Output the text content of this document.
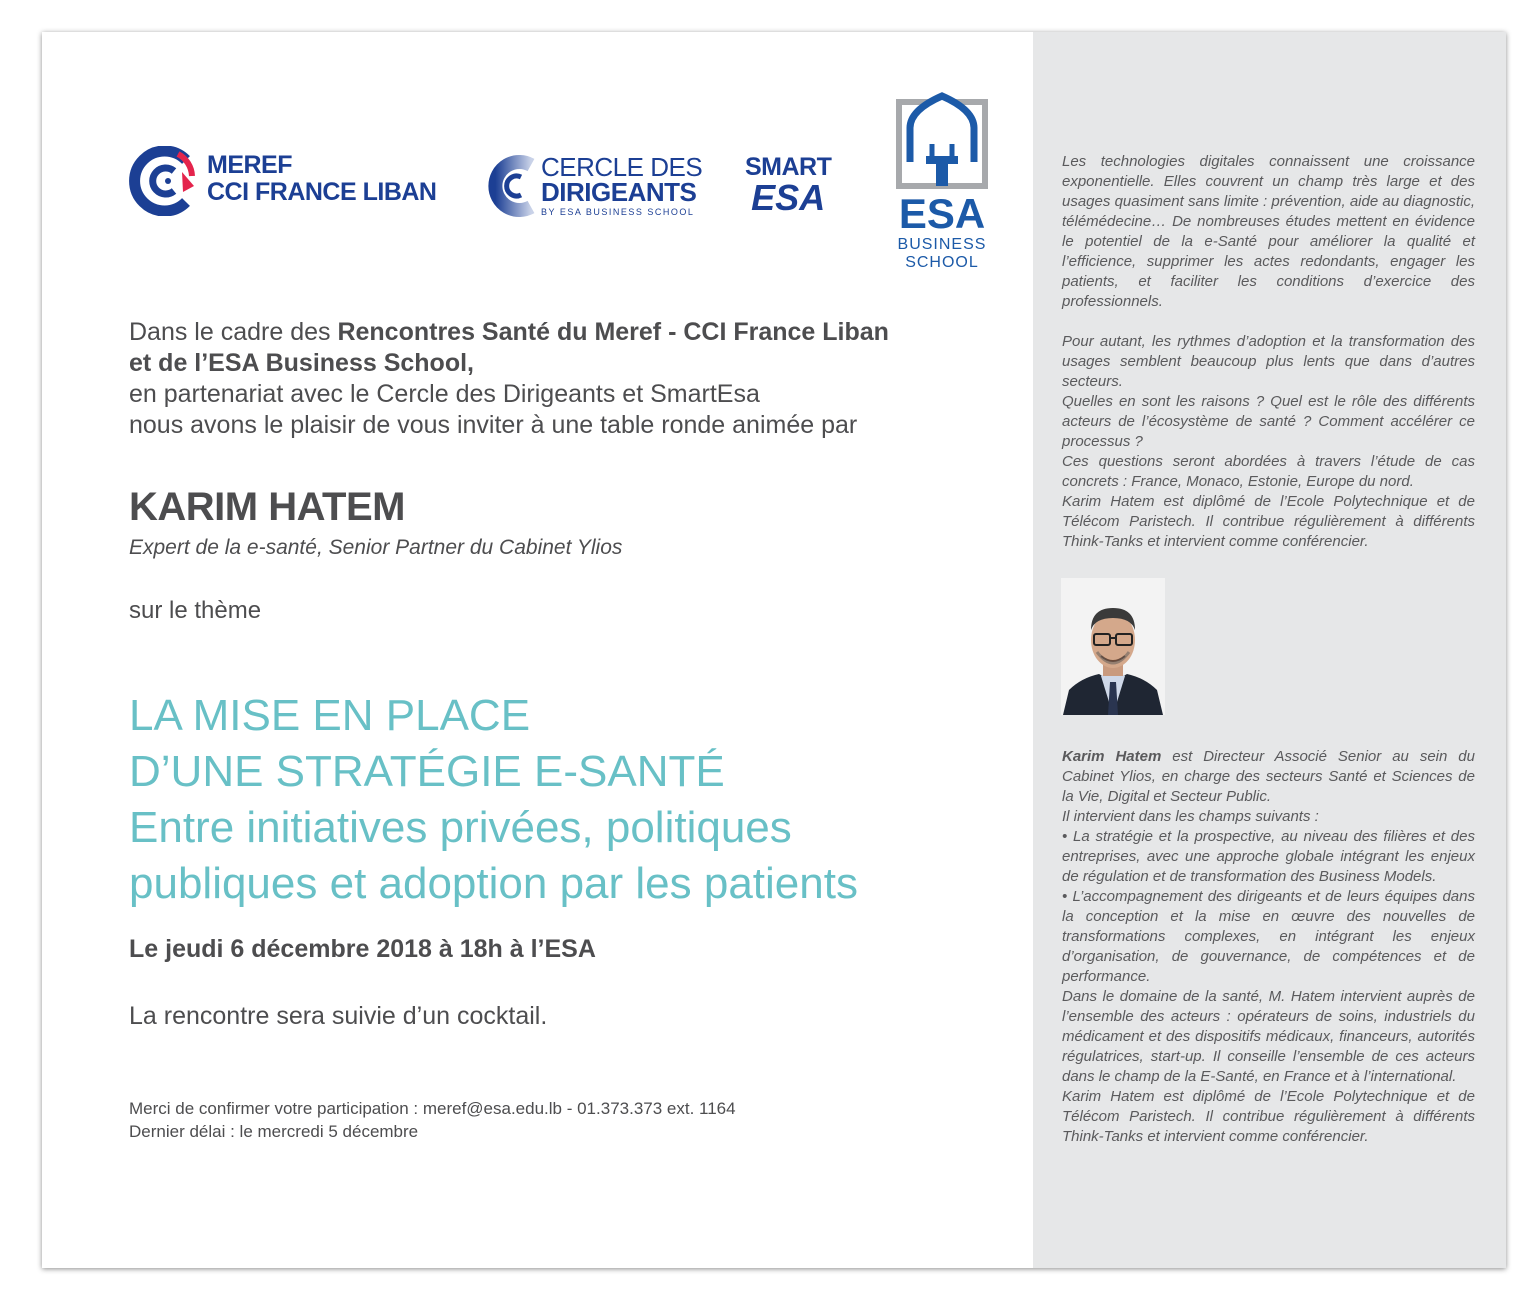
MEREF
CCI FRANCE LIBAN
CERCLE DES
DIRIGEANTS
BY ESA BUSINESS SCHOOL
SMART
ESA ESA
BUSINESS
SCHOOL
Dans le cadre des Rencontres Santé du Meref - CCI France Liban
et de l’ESA Business School,
en partenariat avec le Cercle des Dirigeants et SmartEsa
nous avons le plaisir de vous inviter à une table ronde animée par
KARIM HATEM
Expert de la e-santé, Senior Partner du Cabinet Ylios
sur le thème
LA MISE EN PLACE
D’UNE STRATÉGIE E-SANTÉ
Entre initiatives privées, politiques
publiques et adoption par les patients
Le jeudi 6 décembre 2018 à 18h à l’ESA
La rencontre sera suivie d’un cocktail.
Merci de confirmer votre participation : meref@esa.edu.lb - 01.373.373 ext. 1164
Dernier délai : le mercredi 5 décembre

Les technologies digitales connaissent une croissance exponentielle. Elles couvrent un champ très large et des usages quasiment sans limite : prévention, aide au diagnostic, télémédecine… De nombreuses études mettent en évidence le potentiel de la e-Santé pour améliorer la qualité et l’efficience, supprimer les actes redondants, engager les patients, et faciliter les conditions d’exercice des professionnels.

Pour autant, les rythmes d’adoption et la transformation des usages semblent beaucoup plus lents que dans d’autres secteurs.

Quelles en sont les raisons ? Quel est le rôle des différents acteurs de l’écosystème de santé ? Comment accélérer ce processus ?

Ces questions seront abordées à travers l’étude de cas concrets : France, Monaco, Estonie, Europe du nord.

Karim Hatem est diplômé de l’Ecole Polytechnique et de Télécom Paristech. Il contribue régulièrement à différents Think-Tanks et intervient comme conférencier.

Karim Hatem est Directeur Associé Senior au sein du Cabinet Ylios, en charge des secteurs Santé et Sciences de la Vie, Digital et Secteur Public.

Il intervient dans les champs suivants :

• La stratégie et la prospective, au niveau des filières et des entreprises, avec une approche globale intégrant les enjeux de régulation et de transformation des Business Models.

• L’accompagnement des dirigeants et de leurs équipes dans la conception et la mise en œuvre des nouvelles de transformations complexes, en intégrant les enjeux d’organisation, de gouvernance, de compétences et de performance.

Dans le domaine de la santé, M. Hatem intervient auprès de l’ensemble des acteurs : opérateurs de soins, industriels du médicament et des dispositifs médicaux, financeurs, autorités régulatrices, start-up. Il conseille l’ensemble de ces acteurs dans le champ de la E-Santé, en France et à l’international.

Karim Hatem est diplômé de l’Ecole Polytechnique et de Télécom Paristech. Il contribue régulièrement à différents Think-Tanks et intervient comme conférencier.
